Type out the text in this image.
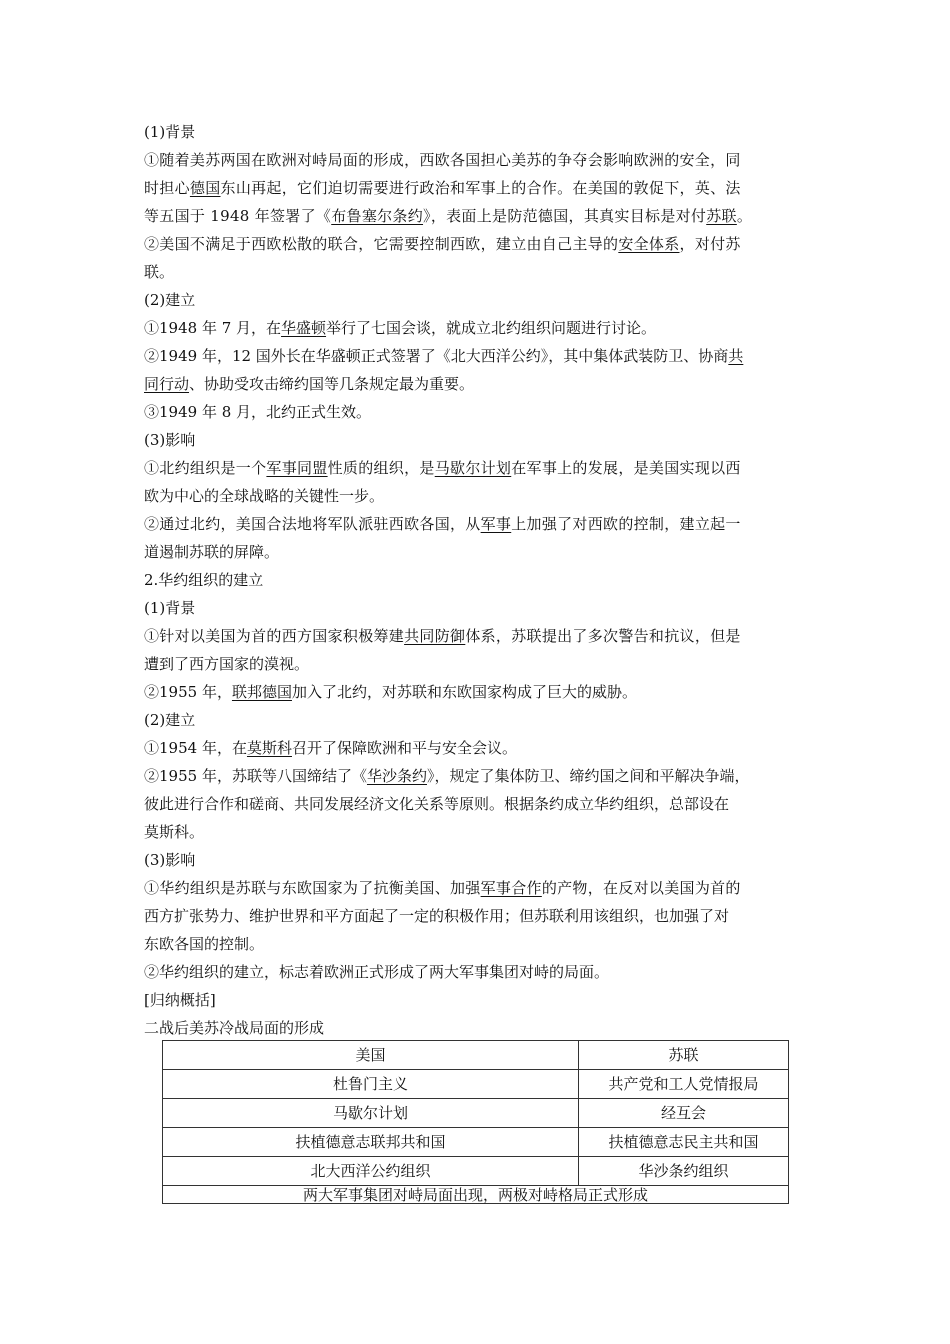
(1)背景
①随着美苏两国在欧洲对峙局面的形成，西欧各国担心美苏的争夺会影响欧洲的安全，同
时担心德国东山再起，它们迫切需要进行政治和军事上的合作。在美国的敦促下，英、法
等五国于 1948 年签署了《布鲁塞尔条约》，表面上是防范德国，其真实目标是对付苏联。
②美国不满足于西欧松散的联合，它需要控制西欧，建立由自己主导的安全体系，对付苏
联。
(2)建立
①1948 年 7 月，在华盛顿举行了七国会谈，就成立北约组织问题进行讨论。
②1949 年，12 国外长在华盛顿正式签署了《北大西洋公约》，其中集体武装防卫、协商共
同行动、协助受攻击缔约国等几条规定最为重要。
③1949 年 8 月，北约正式生效。
(3)影响
①北约组织是一个军事同盟性质的组织，是马歇尔计划在军事上的发展，是美国实现以西
欧为中心的全球战略的关键性一步。
②通过北约，美国合法地将军队派驻西欧各国，从军事上加强了对西欧的控制，建立起一
道遏制苏联的屏障。
2.华约组织的建立
(1)背景
①针对以美国为首的西方国家积极筹建共同防御体系，苏联提出了多次警告和抗议，但是
遭到了西方国家的漠视。
②1955 年，联邦德国加入了北约，对苏联和东欧国家构成了巨大的威胁。
(2)建立
①1954 年，在莫斯科召开了保障欧洲和平与安全会议。
②1955 年，苏联等八国缔结了《华沙条约》，规定了集体防卫、缔约国之间和平解决争端，
彼此进行合作和磋商、共同发展经济文化关系等原则。根据条约成立华约组织，总部设在
莫斯科。
(3)影响
①华约组织是苏联与东欧国家为了抗衡美国、加强军事合作的产物，在反对以美国为首的
西方扩张势力、维护世界和平方面起了一定的积极作用；但苏联利用该组织，也加强了对
东欧各国的控制。
②华约组织的建立，标志着欧洲正式形成了两大军事集团对峙的局面。
[归纳概括]
二战后美苏冷战局面的形成
美国	苏联
杜鲁门主义	共产党和工人党情报局
马歇尔计划	经互会
扶植德意志联邦共和国	扶植德意志民主共和国
北大西洋公约组织	华沙条约组织
两大军事集团对峙局面出现，两极对峙格局正式形成	
